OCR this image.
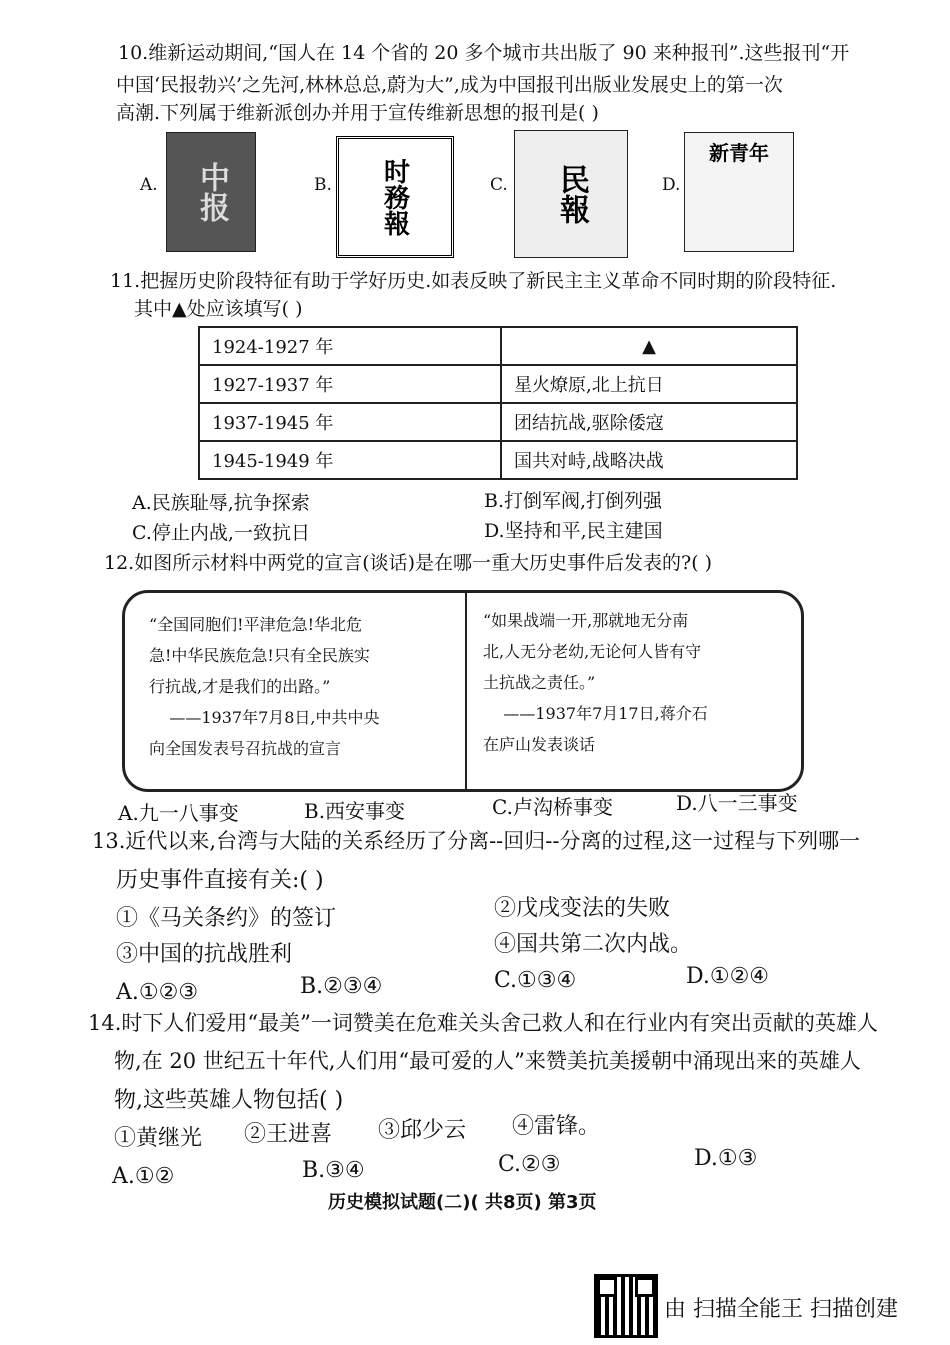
10.维新运动期间,“国人在 14 个省的 20 多个城市共出版了 90 来种报刊”.这些报刊“开
中国‘民报勃兴’之先河,林林总总,蔚为大”,成为中国报刊出版业发展史上的第一次
高潮.下列属于维新派创办并用于宣传维新思想的报刊是( )
A. 中报	B. 时務報	C. 民報	D.
新青年
11.把握历史阶段特征有助于学好历史.如表反映了新民主主义革命不同时期的阶段特征.
其中▲处应该填写( )
1924-1927 年	▲
1927-1937 年	星火燎原,北上抗日
1937-1945 年	团结抗战,驱除倭寇
1945-1949 年	国共对峙,战略决战
A.民族耻辱,抗争探索	B.打倒军阀,打倒列强
C.停止内战,一致抗日	D.坚持和平,民主建国
12.如图所示材料中两党的宣言(谈话)是在哪一重大历史事件后发表的?( )
“全国同胞们!平津危急!华北危
急!中华民族危急!只有全民族实
行抗战,才是我们的出路。”
——1937年7月8日,中共中央
向全国发表号召抗战的宣言
“如果战端一开,那就地无分南
北,人无分老幼,无论何人皆有守
土抗战之责任。”
——1937年7月17日,蒋介石
在庐山发表谈话
A.九一八事变	B.西安事变	C.卢沟桥事变	D.八一三事变
13.近代以来,台湾与大陆的关系经历了分离--回归--分离的过程,这一过程与下列哪一
历史事件直接有关:( )
①《马关条约》的签订	②戊戌变法的失败
③中国的抗战胜利	④国共第二次内战。
A.①②③	B.②③④	C.①③④	D.①②④
14.时下人们爱用“最美”一词赞美在危难关头舍己救人和在行业内有突出贡献的英雄人
物,在 20 世纪五十年代,人们用“最可爱的人”来赞美抗美援朝中涌现出来的英雄人
物,这些英雄人物包括( )
①黄继光 ②王进喜 ③邱少云 ④雷锋。
A.①②	B.③④	C.②③	D.①③
历史模拟试题(二)( 共8页) 第3页
由 扫描全能王 扫描创建
